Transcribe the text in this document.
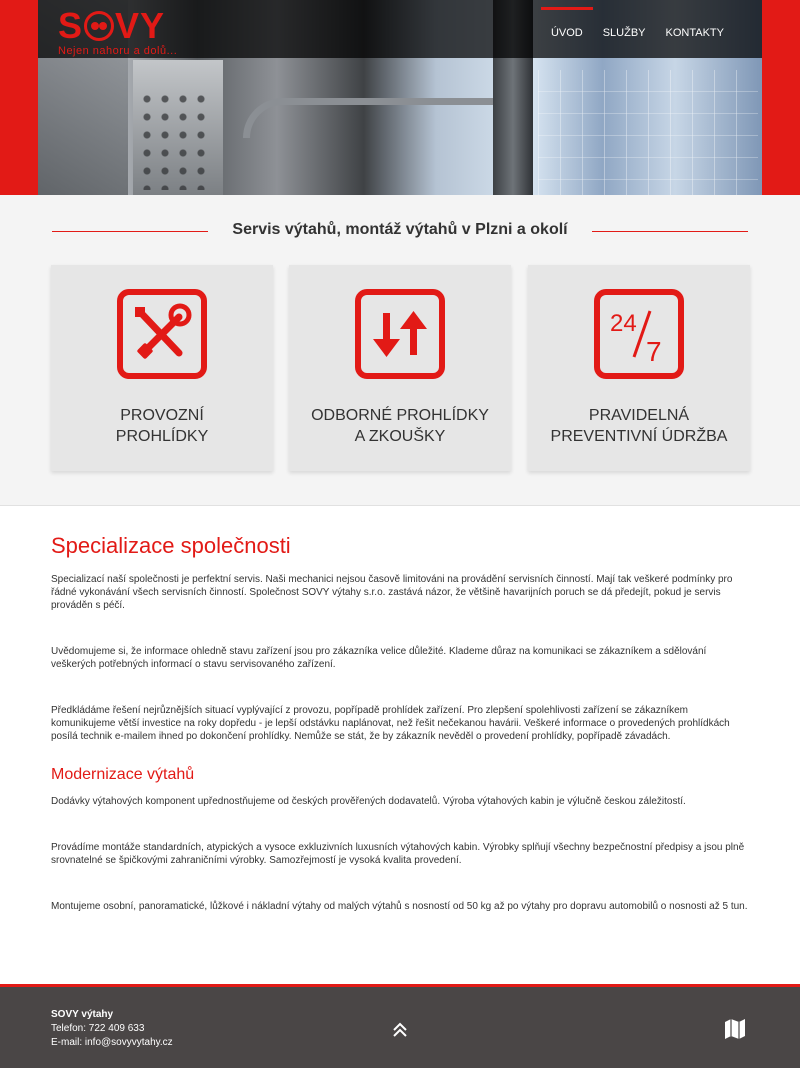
S VY
Nejen nahoru a dolů...
ÚVOD	SLUŽBY	KONTAKTY
Servis výtahů, montáž výtahů v Plzni a okolí
PROVOZNÍ
PROHLÍDKY
ODBORNÉ PROHLÍDKY
A ZKOUŠKY
24
7
PRAVIDELNÁ
PREVENTIVNÍ ÚDRŽBA
Specializace společnosti

Specializací naší společnosti je perfektní servis. Naši mechanici nejsou časově limitováni na provádění servisních činností. Mají tak veškeré podmínky pro řádné vykonávání všech servisních činností. Společnost SOVY výtahy s.r.o. zastává názor, že většině havarijních poruch se dá předejít, pokud je servis prováděn s péčí.

Uvědomujeme si, že informace ohledně stavu zařízení jsou pro zákazníka velice důležité. Klademe důraz na komunikaci se zákazníkem a sdělování veškerých potřebných informací o stavu servisovaného zařízení.

Předkládáme řešení nejrůznějších situací vyplývající z provozu, popřípadě prohlídek zařízení. Pro zlepšení spolehlivosti zařízení se zákazníkem komunikujeme větší investice na roky dopředu - je lepší odstávku naplánovat, než řešit nečekanou havárii. Veškeré informace o provedených prohlídkách posílá technik e-mailem ihned po dokončení prohlídky. Nemůže se stát, že by zákazník nevěděl o provedení prohlídky, popřípadě závadách.

Modernizace výtahů

Dodávky výtahových komponent upřednostňujeme od českých prověřených dodavatelů. Výroba výtahových kabin je výlučně českou záležitostí.

Provádíme montáže standardních, atypických a vysoce exkluzivních luxusních výtahových kabin. Výrobky splňují všechny bezpečnostní předpisy a jsou plně srovnatelné se špičkovými zahraničními výrobky. Samozřejmostí je vysoká kvalita provedení.

Montujeme osobní, panoramatické, lůžkové i nákladní výtahy od malých výtahů s nosností od 50 kg až po výtahy pro dopravu automobilů o nosnosti až 5 tun.

SOVY výtahy
Telefon: 722 409 633
E-mail: info@sovyvytahy.cz
